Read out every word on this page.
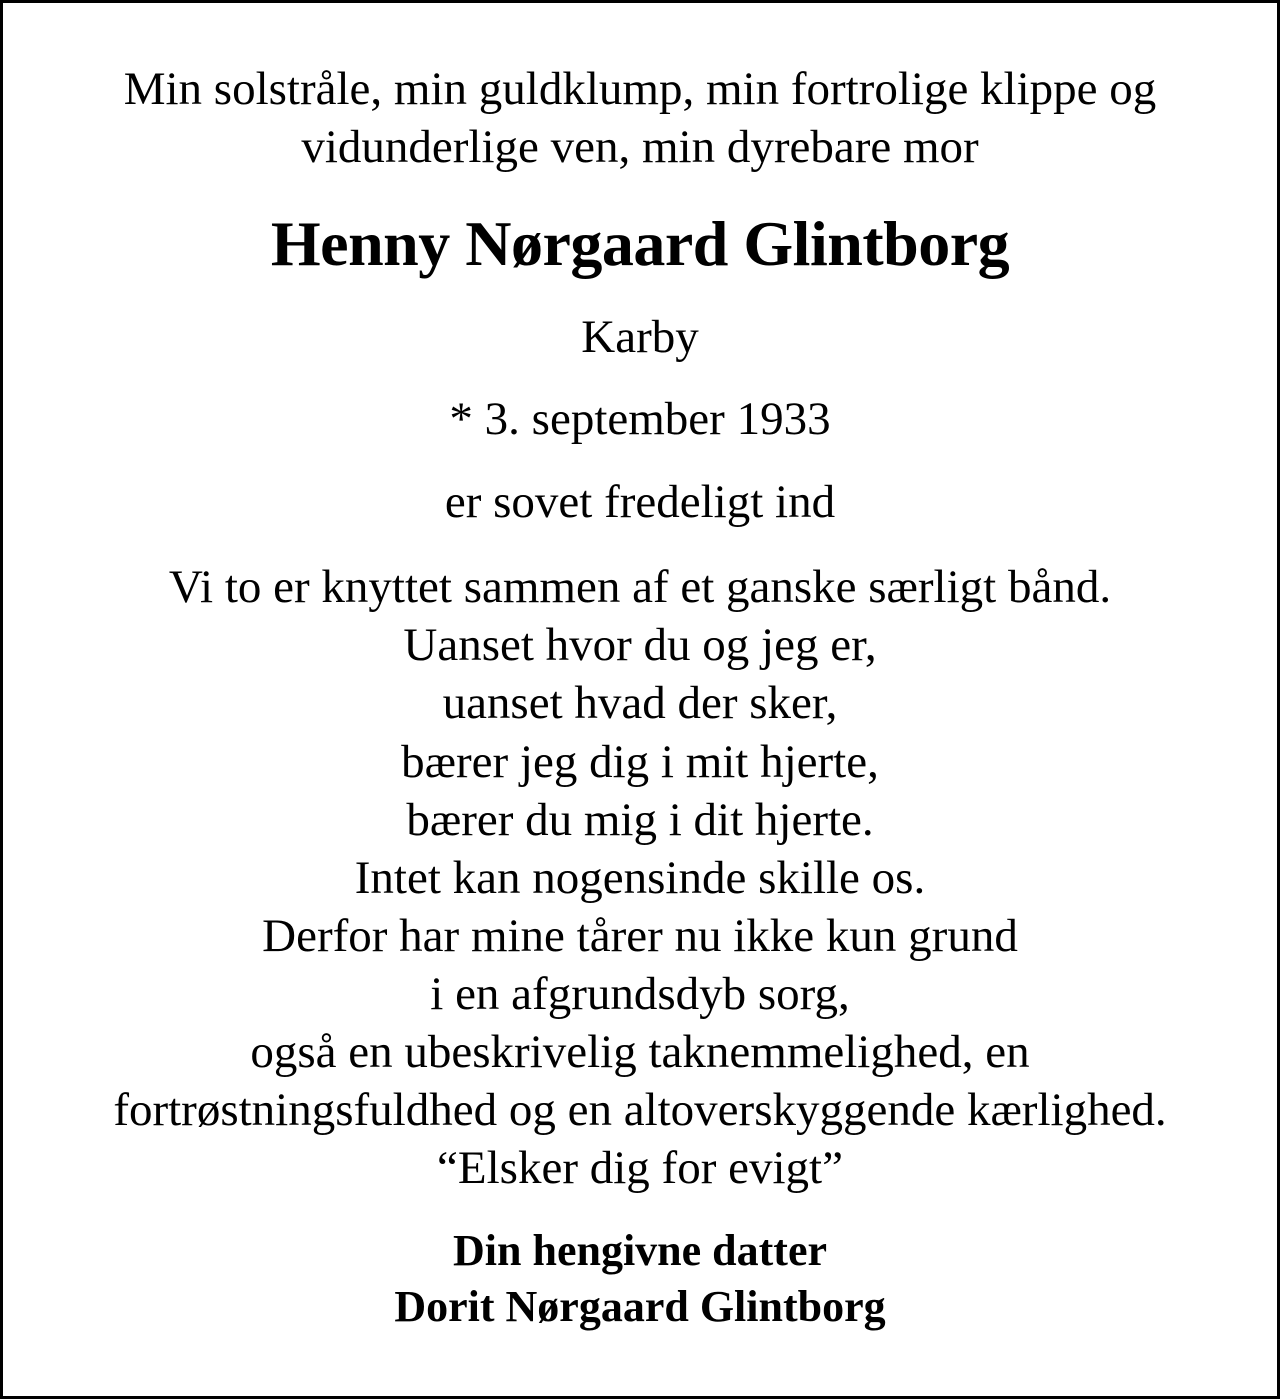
Min solstråle, min guldklump, min fortrolige klippe og
vidunderlige ven, min dyrebare mor
Henny Nørgaard Glintborg
Karby
* 3. september 1933
er sovet fredeligt ind
Vi to er knyttet sammen af et ganske særligt bånd.
Uanset hvor du og jeg er,
uanset hvad der sker,
bærer jeg dig i mit hjerte,
bærer du mig i dit hjerte.
Intet kan nogensinde skille os.
Derfor har mine tårer nu ikke kun grund
i en afgrundsdyb sorg,
også en ubeskrivelig taknemmelighed, en
fortrøstningsfuldhed og en altoverskyggende kærlighed.
“Elsker dig for evigt”
Din hengivne datter
Dorit Nørgaard Glintborg
